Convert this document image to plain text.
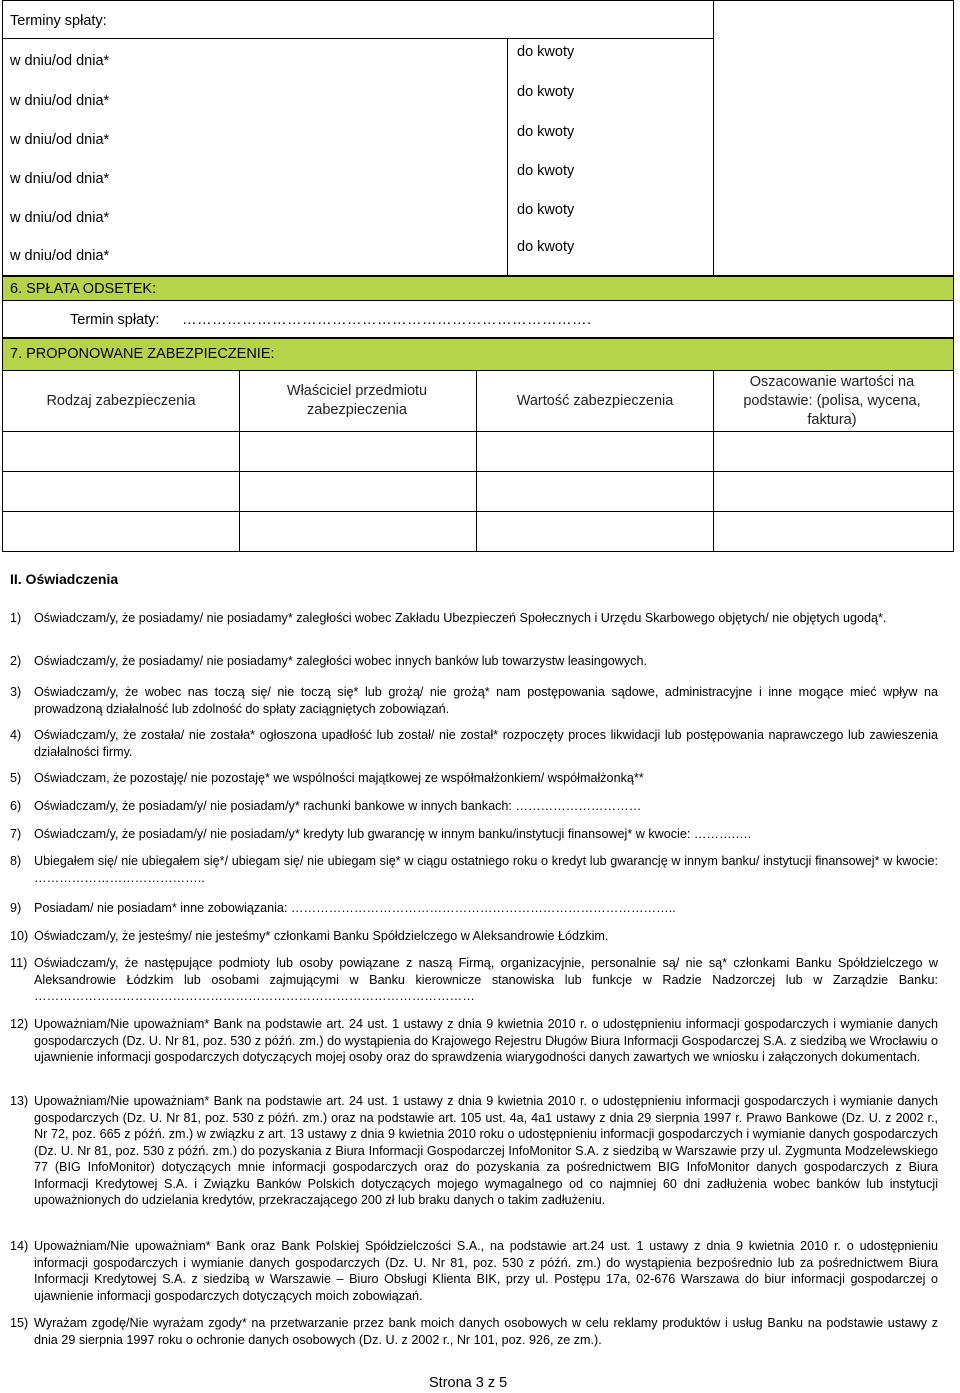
Terminy spłaty:
w dniu/od dnia*
w dniu/od dnia*
w dniu/od dnia*
w dniu/od dnia*
w dniu/od dnia*
w dniu/od dnia*
do kwoty
do kwoty
do kwoty
do kwoty
do kwoty
do kwoty
6. SPŁATA ODSETEK:
Termin spłaty: ……………………………………………………………………….
7. PROPONOWANE ZABEZPIECZENIE:
Rodzaj zabezpieczenia
Właściciel przedmiotu zabezpieczenia
Wartość zabezpieczenia
Oszacowanie wartości na podstawie: (polisa, wycena, faktura)
II. Oświadczenia
1) Oświadczam/y, że posiadamy/ nie posiadamy* zaległości wobec Zakładu Ubezpieczeń Społecznych i Urzędu Skarbowego objętych/ nie objętych ugodą*.
2) Oświadczam/y, że posiadamy/ nie posiadamy* zaległości wobec innych banków lub towarzystw leasingowych.
3) Oświadczam/y, że wobec nas toczą się/ nie toczą się* lub grożą/ nie grożą* nam postępowania sądowe, administracyjne i inne mogące mieć wpływ na prowadzoną działalność lub zdolność do spłaty zaciągniętych zobowiązań.
4) Oświadczam/y, że została/ nie została* ogłoszona upadłość lub został/ nie został* rozpoczęty proces likwidacji lub postępowania naprawczego lub zawieszenia działalności firmy.
5) Oświadczam, że pozostaję/ nie pozostaję* we wspólności majątkowej ze współmałżonkiem/ współmałżonką**
6) Oświadczam/y, że posiadam/y/ nie posiadam/y* rachunki bankowe w innych bankach: …………………………
7) Oświadczam/y, że posiadam/y/ nie posiadam/y* kredyty lub gwarancję w innym banku/instytucji finansowej* w kwocie: ……….….
8) Ubiegałem się/ nie ubiegałem się*/ ubiegam się/ nie ubiegam się* w ciągu ostatniego roku o kredyt lub gwarancję w innym banku/ instytucji finansowej* w kwocie: …………………………………..
9) Posiadam/ nie posiadam* inne zobowiązania: ………………………………………………………………………………..
10) Oświadczam/y, że jesteśmy/ nie jesteśmy* członkami Banku Spółdzielczego w Aleksandrowie Łódzkim.
11) Oświadczam/y, że następujące podmioty lub osoby powiązane z naszą Firmą, organizacyjnie, personalnie są/ nie są* członkami Banku Spółdzielczego w Aleksandrowie Łódzkim lub osobami zajmującymi w Banku kierownicze stanowiska lub funkcje w Radzie Nadzorczej lub w Zarządzie Banku: ……………………………………………………………………………………………
12) Upoważniam/Nie upoważniam* Bank na podstawie art. 24 ust. 1 ustawy z dnia 9 kwietnia 2010 r. o udostępnieniu informacji gospodarczych i wymianie danych gospodarczych (Dz. U. Nr 81, poz. 530 z późń. zm.) do wystąpienia do Krajowego Rejestru Długów Biura Informacji Gospodarczej S.A. z siedzibą we Wrocławiu o ujawnienie informacji gospodarczych dotyczących mojej osoby oraz do sprawdzenia wiarygodności danych zawartych we wniosku i załączonych dokumentach.
13) Upoważniam/Nie upoważniam* Bank na podstawie art. 24 ust. 1 ustawy z dnia 9 kwietnia 2010 r. o udostępnieniu informacji gospodarczych i wymianie danych gospodarczych (Dz. U. Nr 81, poz. 530 z późń. zm.) oraz na podstawie art. 105 ust. 4a, 4a1 ustawy z dnia 29 sierpnia 1997 r. Prawo Bankowe (Dz. U. z 2002 r., Nr 72, poz. 665 z późń. zm.) w związku z art. 13 ustawy z dnia 9 kwietnia 2010 roku o udostępnieniu informacji gospodarczych i wymianie danych gospodarczych (Dz. U. Nr 81, poz. 530 z późń. zm.) do pozyskania z Biura Informacji Gospodarczej InfoMonitor S.A. z siedzibą w Warszawie przy ul. Zygmunta Modzelewskiego 77 (BIG InfoMonitor) dotyczących mnie informacji gospodarczych oraz do pozyskania za pośrednictwem BIG InfoMonitor danych gospodarczych z Biura Informacji Kredytowej S.A. i Związku Banków Polskich dotyczących mojego wymagalnego od co najmniej 60 dni zadłużenia wobec banków lub instytucji upoważnionych do udzielania kredytów, przekraczającego 200 zł lub braku danych o takim zadłużeniu.
14) Upoważniam/Nie upoważniam* Bank oraz Bank Polskiej Spółdzielczości S.A., na podstawie art.24 ust. 1 ustawy z dnia 9 kwietnia 2010 r. o udostępnieniu informacji gospodarczych i wymianie danych gospodarczych (Dz. U. Nr 81, poz. 530 z późń. zm.) do wystąpienia bezpośrednio lub za pośrednictwem Biura Informacji Kredytowej S.A. z siedzibą w Warszawie – Biuro Obsługi Klienta BIK, przy ul. Postępu 17a, 02-676 Warszawa do biur informacji gospodarczej o ujawnienie informacji gospodarczych dotyczących moich zobowiązań.
15) Wyrażam zgodę/Nie wyrażam zgody* na przetwarzanie przez bank moich danych osobowych w celu reklamy produktów i usług Banku na podstawie ustawy z dnia 29 sierpnia 1997 roku o ochronie danych osobowych (Dz. U. z 2002 r., Nr 101, poz. 926, ze zm.).
Strona 3 z 5
